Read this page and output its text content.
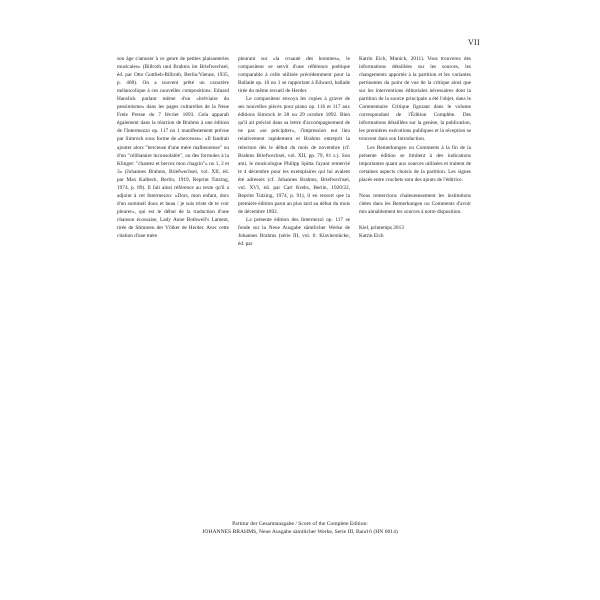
VII

son âge s'amuser à ce genre de petites plaisanteries musicales» (Billroth und Brahms im Briefwechsel, éd. par Otto Gottlieb-Billroth, Berlin/Vienne, 1935, p. 468). On a souvent prêté un caractère mélancolique à ces nouvelles compositions. Eduard Hanslick parlant même d'un «bréviaire du pessimisme» dans les pages culturelles de la Neue Freie Presse du 7 février 1893. Cela apparaît également dans la réaction de Brahms à une édition de l'Intermezzo op. 117 no 1 manifestement prévue par Simrock sous forme de «berceuse»: «Il faudrait ajouter alors "berceuse d'une mère malheureuse" ou d'un "célibataire inconsolable", ou des formules à la Klinger: "chantez et bercez mon chagrin"» no 1, 2 et 3» (Johannes Brahms, Briefwechsel, vol. XII, éd. par Max Kalbeck, Berlin, 1919, Reprint Tutzing, 1974, p. 89). Il fait ainsi référence au texte qu'il a adjoint à cet Intermezzo: «Dors, mon enfant, dors d'un sommeil doux et beau / je suis triste de te voir pleurer», qui est le début de la traduction d'une chanson écossaise, Lady Anne Bothwell's Lament, tirée de Stimmen der Völker de Herder. Avec cette citation d'une mère

pleurant sur «la cruauté des hommes», le compositeur se servit d'une référence poétique comparable à celle utilisée précédemment pour la Ballade op. 10 no 1 se rapportant à Edward, ballade tirée du même recueil de Herder.

Le compositeur envoya les copies à graver de ses nouvelles pièces pour piano op. 116 et 117 aux éditions Simrock le 28 ou 29 octobre 1892. Bien qu'il ait précisé dans sa lettre d'accompagnement de ne pas «se précipiter», l'impression eut lieu relativement rapidement et Brahms entreprit la relecture dès le début du mois de novembre (cf. Brahms Briefwechsel, vol. XII, pp. 79, 81 s.). Son ami, le musicologue Philipp Spitta l'ayant remercié le 4 décembre pour les exemplaires qui lui avaient été adressés (cf. Johannes Brahms, Briefwechsel, vol. XVI, éd. par Carl Krebs, Berlin, 1920/22, Reprint Tutzing, 1974, p. 91), il en ressort que la première édition parut au plus tard au début du mois de décembre 1892.

La présente édition des Intermezzi op. 117 se fonde sur la Neue Ausgabe sämtlicher Werke de Johannes Brahms (série III, vol. 6: Klavierstücke, éd. par

Katrin Eich, Munich, 2011). Vous trouverez des informations détaillées sur les sources, les changements apportés à la partition et les variantes pertinentes du point de vue de la critique ainsi que sur les interventions éditoriales nécessaires dont la partition de la source principale a été l'objet, dans le Commentaire Critique figurant dans le volume correspondant de l'Édition Complète. Des informations détaillées sur la genèse, la publication, les premières exécutions publiques et la réception se trouvent dans son Introduction.

Les Bemerkungen ou Comments à la fin de la présente édition se limitent à des indications importantes quant aux sources utilisées et traitent de certaines aspects choisis de la partition. Les signes placés entre crochets sont des ajouts de l'éditrice.

Nous remercions chaleureusement les institutions citées dans les Bemerkungen ou Comments d'avoir mis aimablement les sources à notre disposition.

Kiel, printemps 2013
Katrin Eich

Partitur der Gesamtausgabe / Score of the Complete Edition:
JOHANNES BRAHMS, Neue Ausgabe sämtlicher Werke, Serie III, Band 6 (HN 6014)
